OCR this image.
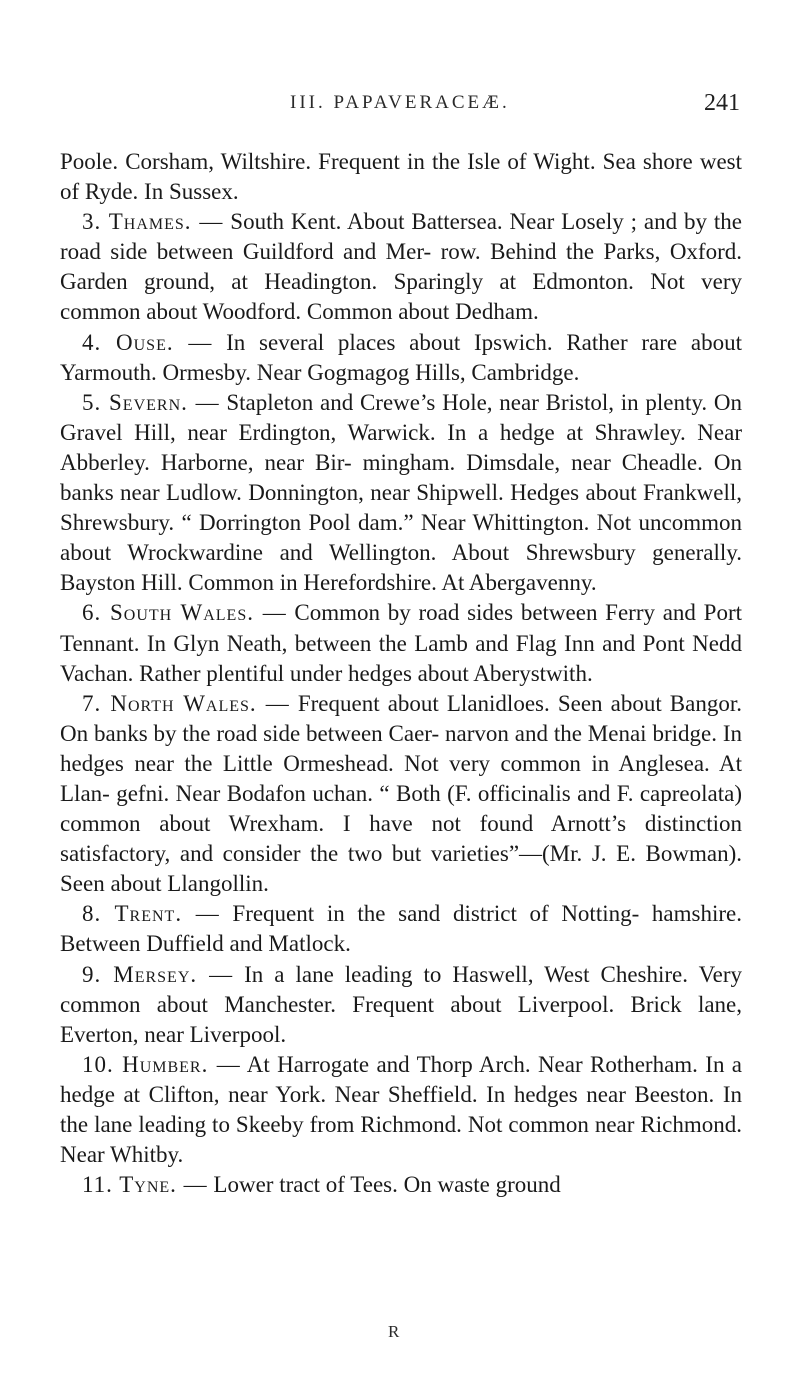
III. PAPAVERACEÆ.	241

Poole. Corsham, Wiltshire. Frequent in the Isle of Wight. Sea shore west of Ryde. In Sussex.

3. Thames. — South Kent. About Battersea. Near Losely ; and by the road side between Guildford and Mer- row. Behind the Parks, Oxford. Garden ground, at Headington. Sparingly at Edmonton. Not very common about Woodford. Common about Dedham.

4. Ouse. — In several places about Ipswich. Rather rare about Yarmouth. Ormesby. Near Gogmagog Hills, Cambridge.

5. Severn. — Stapleton and Crewe’s Hole, near Bristol, in plenty. On Gravel Hill, near Erdington, Warwick. In a hedge at Shrawley. Near Abberley. Harborne, near Bir- mingham. Dimsdale, near Cheadle. On banks near Ludlow. Donnington, near Shipwell. Hedges about Frankwell, Shrewsbury. “ Dorrington Pool dam.” Near Whittington. Not uncommon about Wrockwardine and Wellington. About Shrewsbury generally. Bayston Hill. Common in Herefordshire. At Abergavenny.

6. South Wales. — Common by road sides between Ferry and Port Tennant. In Glyn Neath, between the Lamb and Flag Inn and Pont Nedd Vachan. Rather plentiful under hedges about Aberystwith.

7. North Wales. — Frequent about Llanidloes. Seen about Bangor. On banks by the road side between Caer- narvon and the Menai bridge. In hedges near the Little Ormeshead. Not very common in Anglesea. At Llan- gefni. Near Bodafon uchan. “ Both (F. officinalis and F. capreolata) common about Wrexham. I have not found Arnott’s distinction satisfactory, and consider the two but varieties”—(Mr. J. E. Bowman). Seen about Llangollin.

8. Trent. — Frequent in the sand district of Notting- hamshire. Between Duffield and Matlock.

9. Mersey. — In a lane leading to Haswell, West Cheshire. Very common about Manchester. Frequent about Liverpool. Brick lane, Everton, near Liverpool.

10. Humber. — At Harrogate and Thorp Arch. Near Rotherham. In a hedge at Clifton, near York. Near Sheffield. In hedges near Beeston. In the lane leading to Skeeby from Richmond. Not common near Richmond. Near Whitby.

11. Tyne. — Lower tract of Tees. On waste ground

R
